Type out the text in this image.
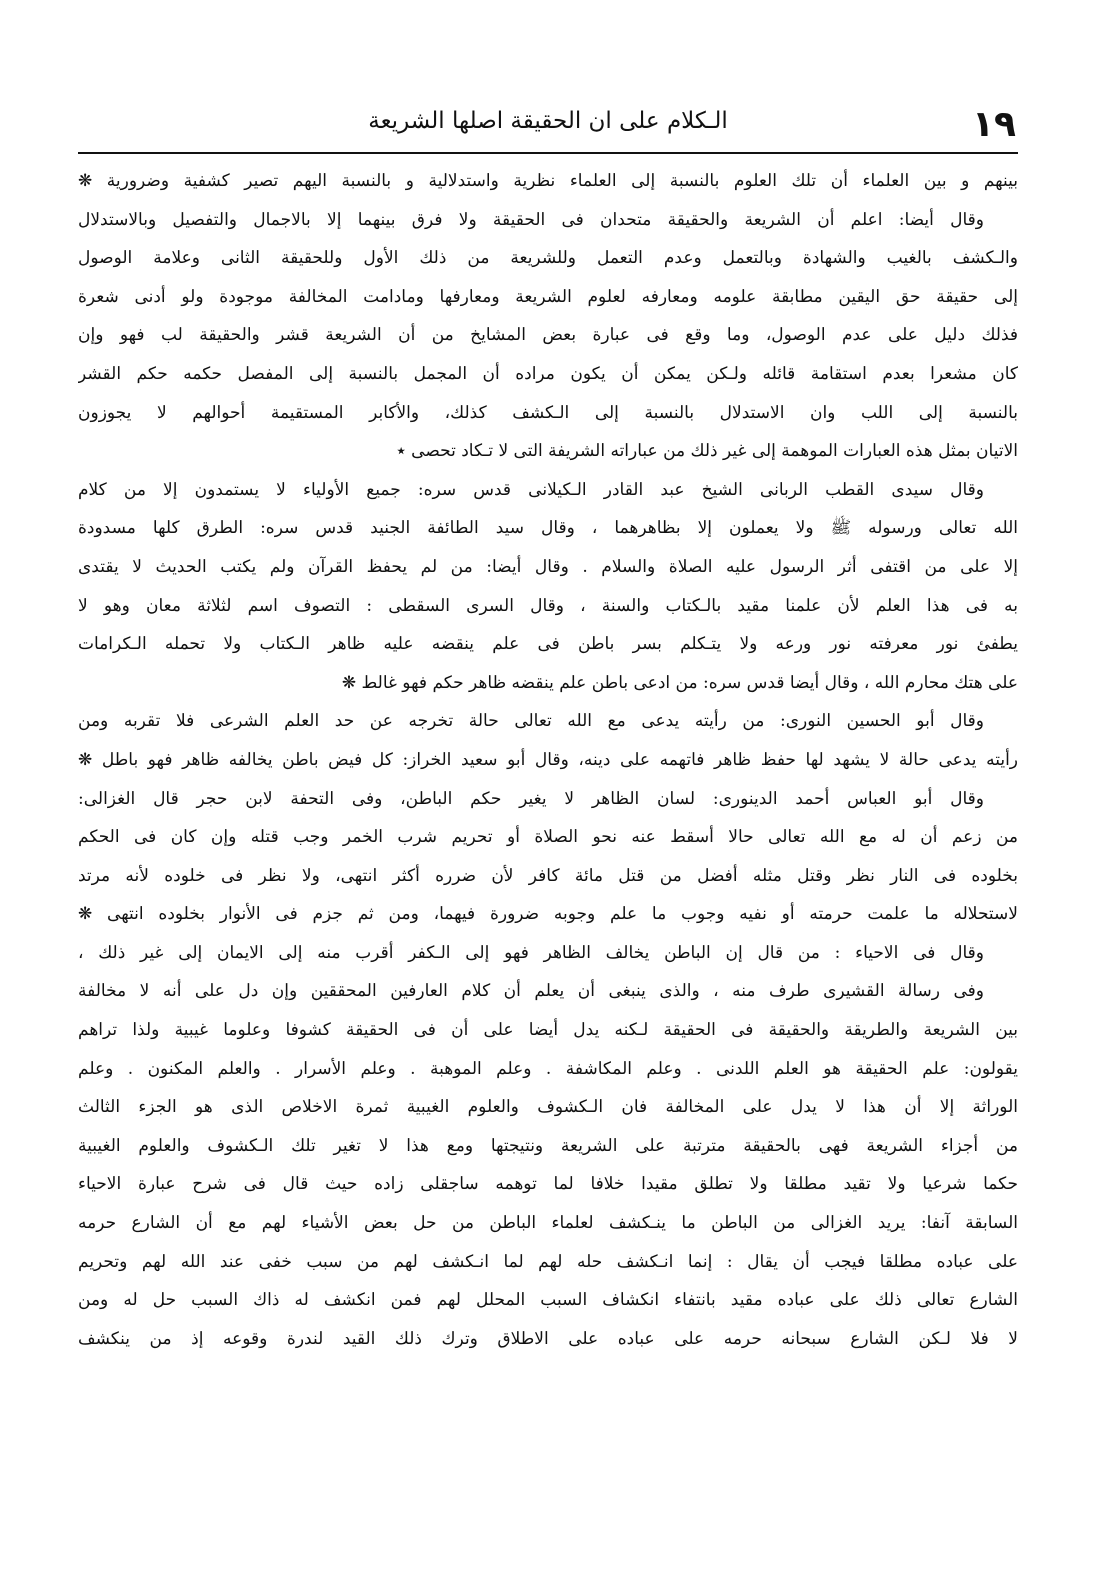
١٩
الـكلام على ان الحقيقة اصلها الشريعة
بينهم و بين العلماء أن تلك العلوم بالنسبة إلى العلماء نظرية واستدلالية و بالنسبة اليهم تصير كشفية وضرورية ❋
وقال أيضا: اعلم أن الشريعة والحقيقة متحدان فى الحقيقة ولا فرق بينهما إلا بالاجمال والتفصيل وبالاستدلال
والـكشف بالغيب والشهادة وبالتعمل وعدم التعمل وللشريعة من ذلك الأول وللحقيقة الثانى وعلامة الوصول
إلى حقيقة حق اليقين مطابقة علومه ومعارفه لعلوم الشريعة ومعارفها ومادامت المخالفة موجودة ولو أدنى شعرة
فذلك دليل على عدم الوصول، وما وقع فى عبارة بعض المشايخ من أن الشريعة قشر والحقيقة لب فهو وإن
كان مشعرا بعدم استقامة قائله ولـكن يمكن أن يكون مراده أن المجمل بالنسبة إلى المفصل حكمه حكم القشر
بالنسبة إلى اللب وان الاستدلال بالنسبة إلى الـكشف كذلك، والأكابر المستقيمة أحوالهم لا يجوزون
الاتيان بمثل هذه العبارات الموهمة إلى غير ذلك من عباراته الشريفة التى لا تـكاد تحصى ٭
وقال سيدى القطب الربانى الشيخ عبد القادر الـكيلانى قدس سره: جميع الأولياء لا يستمدون إلا من كلام
الله تعالى ورسوله ﷺ ولا يعملون إلا بظاهرهما ، وقال سيد الطائفة الجنيد قدس سره: الطرق كلها مسدودة
إلا على من اقتفى أثر الرسول عليه الصلاة والسلام . وقال أيضا: من لم يحفظ القرآن ولم يكتب الحديث لا يقتدى
به فى هذا العلم لأن علمنا مقيد بالـكتاب والسنة ، وقال السرى السقطى : التصوف اسم لثلاثة معان وهو لا
يطفئ نور معرفته نور ورعه ولا يتـكلم بسر باطن فى علم ينقضه عليه ظاهر الـكتاب ولا تحمله الـكرامات
على هتك محارم الله ، وقال أيضا قدس سره: من ادعى باطن علم ينقضه ظاهر حكم فهو غالط ❋
وقال أبو الحسين النورى: من رأيته يدعى مع الله تعالى حالة تخرجه عن حد العلم الشرعى فلا تقربه ومن
رأيته يدعى حالة لا يشهد لها حفظ ظاهر فاتهمه على دينه، وقال أبو سعيد الخراز: كل فيض باطن يخالفه ظاهر فهو باطل ❋
وقال أبو العباس أحمد الدينورى: لسان الظاهر لا يغير حكم الباطن، وفى التحفة لابن حجر قال الغزالى:
من زعم أن له مع الله تعالى حالا أسقط عنه نحو الصلاة أو تحريم شرب الخمر وجب قتله وإن كان فى الحكم
بخلوده فى النار نظر وقتل مثله أفضل من قتل مائة كافر لأن ضرره أكثر انتهى، ولا نظر فى خلوده لأنه مرتد
لاستحلاله ما علمت حرمته أو نفيه وجوب ما علم وجوبه ضرورة فيهما، ومن ثم جزم فى الأنوار بخلوده انتهى ❋
وقال فى الاحياء : من قال إن الباطن يخالف الظاهر فهو إلى الـكفر أقرب منه إلى الايمان إلى غير ذلك ،
وفى رسالة القشيرى طرف منه ، والذى ينبغى أن يعلم أن كلام العارفين المحققين وإن دل على أنه لا مخالفة
بين الشريعة والطريقة والحقيقة فى الحقيقة لـكنه يدل أيضا على أن فى الحقيقة كشوفا وعلوما غيبية ولذا تراهم
يقولون: علم الحقيقة هو العلم اللدنى . وعلم المكاشفة . وعلم الموهبة . وعلم الأسرار . والعلم المكنون . وعلم
الوراثة إلا أن هذا لا يدل على المخالفة فان الـكشوف والعلوم الغيبية ثمرة الاخلاص الذى هو الجزء الثالث
من أجزاء الشريعة فهى بالحقيقة مترتبة على الشريعة ونتيجتها ومع هذا لا تغير تلك الـكشوف والعلوم الغيبية
حكما شرعيا ولا تقيد مطلقا ولا تطلق مقيدا خلافا لما توهمه ساجقلى زاده حيث قال فى شرح عبارة الاحياء
السابقة آنفا: يريد الغزالى من الباطن ما ينـكشف لعلماء الباطن من حل بعض الأشياء لهم مع أن الشارع حرمه
على عباده مطلقا فيجب أن يقال : إنما انـكشف حله لهم لما انـكشف لهم من سبب خفى عند الله لهم وتحريم
الشارع تعالى ذلك على عباده مقيد بانتفاء انكشاف السبب المحلل لهم فمن انكشف له ذاك السبب حل له ومن
لا فلا لـكن الشارع سبحانه حرمه على عباده على الاطلاق وترك ذلك القيد لندرة وقوعه إذ من ينكشف
